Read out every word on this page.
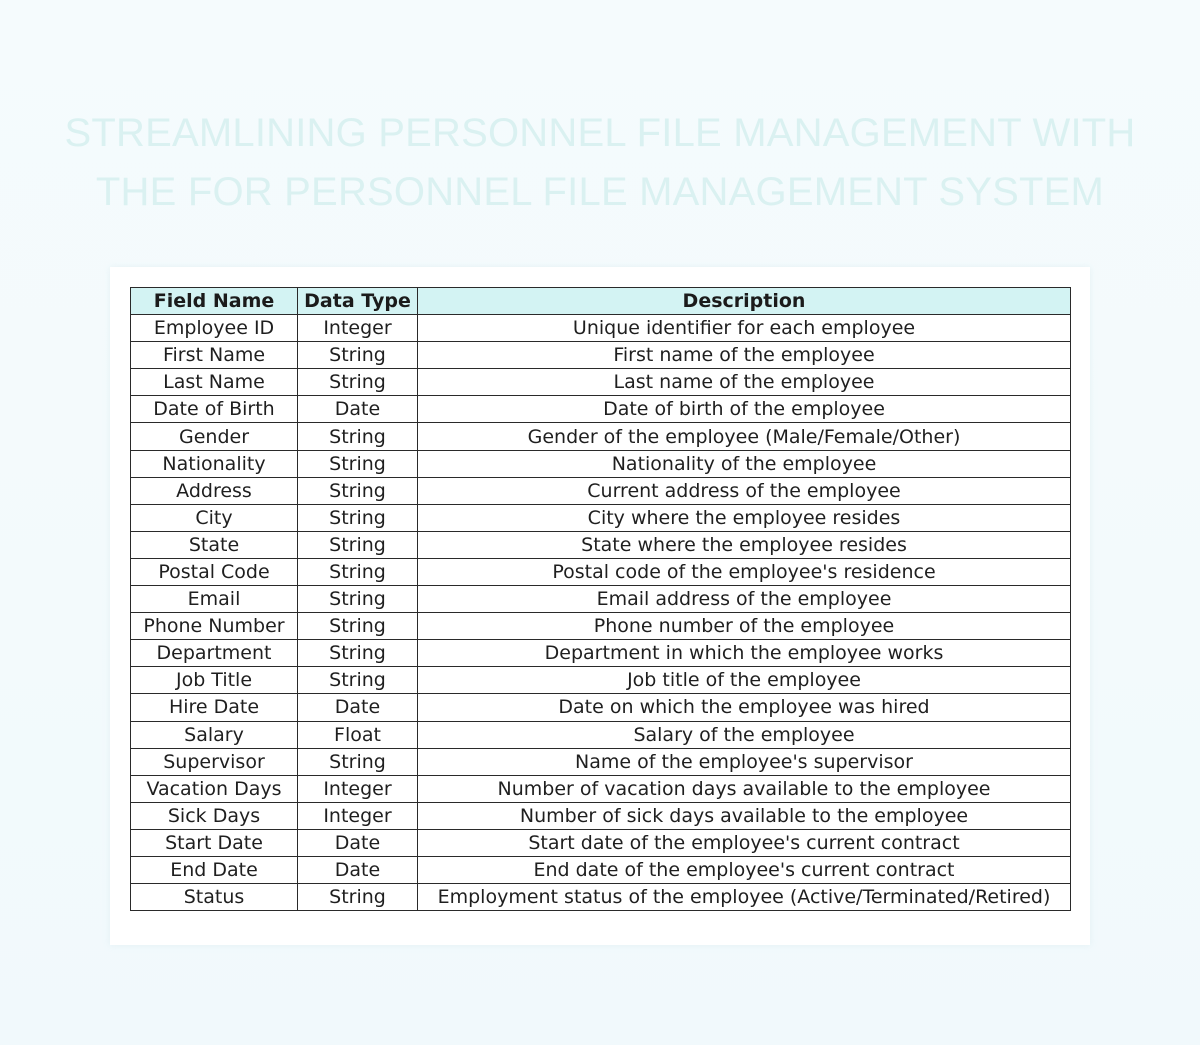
STREAMLINING PERSONNEL FILE MANAGEMENT WITH
THE FOR PERSONNEL FILE MANAGEMENT SYSTEM
Field Name	Data Type	Description
Employee ID	Integer	Unique identifier for each employee
First Name	String	First name of the employee
Last Name	String	Last name of the employee
Date of Birth	Date	Date of birth of the employee
Gender	String	Gender of the employee (Male/Female/Other)
Nationality	String	Nationality of the employee
Address	String	Current address of the employee
City	String	City where the employee resides
State	String	State where the employee resides
Postal Code	String	Postal code of the employee's residence
Email	String	Email address of the employee
Phone Number	String	Phone number of the employee
Department	String	Department in which the employee works
Job Title	String	Job title of the employee
Hire Date	Date	Date on which the employee was hired
Salary	Float	Salary of the employee
Supervisor	String	Name of the employee's supervisor
Vacation Days	Integer	Number of vacation days available to the employee
Sick Days	Integer	Number of sick days available to the employee
Start Date	Date	Start date of the employee's current contract
End Date	Date	End date of the employee's current contract
Status	String	Employment status of the employee (Active/Terminated/Retired)
